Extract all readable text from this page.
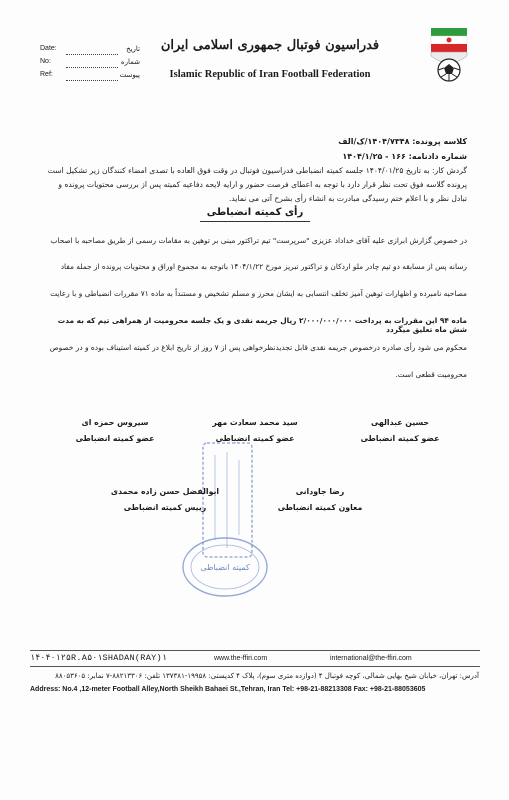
فدراسیون فوتبال جمهوری اسلامی ایران
Islamic Republic of Iran Football Federation
Date:	تاریخ
No:	شماره
Ref:	پیوست
کلاسه پرونده: ۱۴۰۴/۷۳۴۸/ک/الف
شماره دادنامه: ۱۶۶ - ۱۴۰۴/۱/۲۵
گردش کار: به تاریخ ۱۴۰۴/۰۱/۲۵ جلسه کمیته انضباطی فدراسیون فوتبال در وقت فوق العاده با تصدی امضاء کنندگان زیر تشکیل است پرونده گلاسه فوق تحت نظر قرار دارد با توجه به اعطای فرصت حضور و ارایه لایحه دفاعیه کمیته پس از بررسی محتویات پرونده و تبادل نظر و با اعلام ختم رسیدگی مبادرت به انشاء رأی بشرح آتی می نماید.
رأی کمیته انضباطی
در خصوص گزارش ابرازی علیه آقای خداداد عزیزی "سرپرست" تیم تراکتور مبنی بر توهین به مقامات رسمی از طریق مصاحبه با اصحاب
رسانه پس از مسابقه دو تیم چادر ملو اردکان و تراکتور تبریز مورخ ۱۴۰۴/۱/۲۲ باتوجه به مجموع اوراق و محتویات پرونده از جمله مفاد
مصاحبه نامبرده و اظهارات توهین آمیز تخلف انتسابی به ایشان محرز و مسلم تشخیص و مستنداً به ماده ۷۱ مقررات انضباطی و با رعایت
ماده ۹۴ این مقررات به پرداخت ۲/۰۰۰/۰۰۰/۰۰۰ ریال جریمه نقدی و یک جلسه محرومیت از همراهی تیم که به مدت شش ماه تعلیق میگردد
محکوم می شود رأی صادره درخصوص جریمه نقدی قابل تجدیدنظرخواهی پس از ۷ روز از تاریخ ابلاغ در کمیته استیناف بوده و در خصوص
محرومیت قطعی است.
حسین عبدالهی
عضو کمیته انضباطی
سید محمد سعادت مهر
عضو کمیته انضباطی
سیروس حمزه ای
عضو کمیته انضباطی
رضا جاودانی
معاون کمیته انضباطی
ابوالفضل حسن زاده محمدی
رییس کمیته انضباطی
کمیته انضباطی
۱۴۰۴۰۱۲۵R.A۵۰۱SHADAN(RAY)۱	www.the-ffiri.com	international@the-ffiri.com
آدرس: تهران، خیابان شیخ بهایی شمالی، کوچه فوتبال ۴ (دوازده متری سوم)، پلاک ۴ کدپستی: ۱۹۹۵۸-۱۳۷۳۸۱ تلفن: ۸۸۲۱۳۳۰۶-۷ نمابر: ۸۸۰۵۳۶۰۵
Address: No.4 ,12-meter Football Alley,North Sheikh Bahaei St.,Tehran, Iran Tel: +98-21-88213308 Fax: +98-21-88053605
